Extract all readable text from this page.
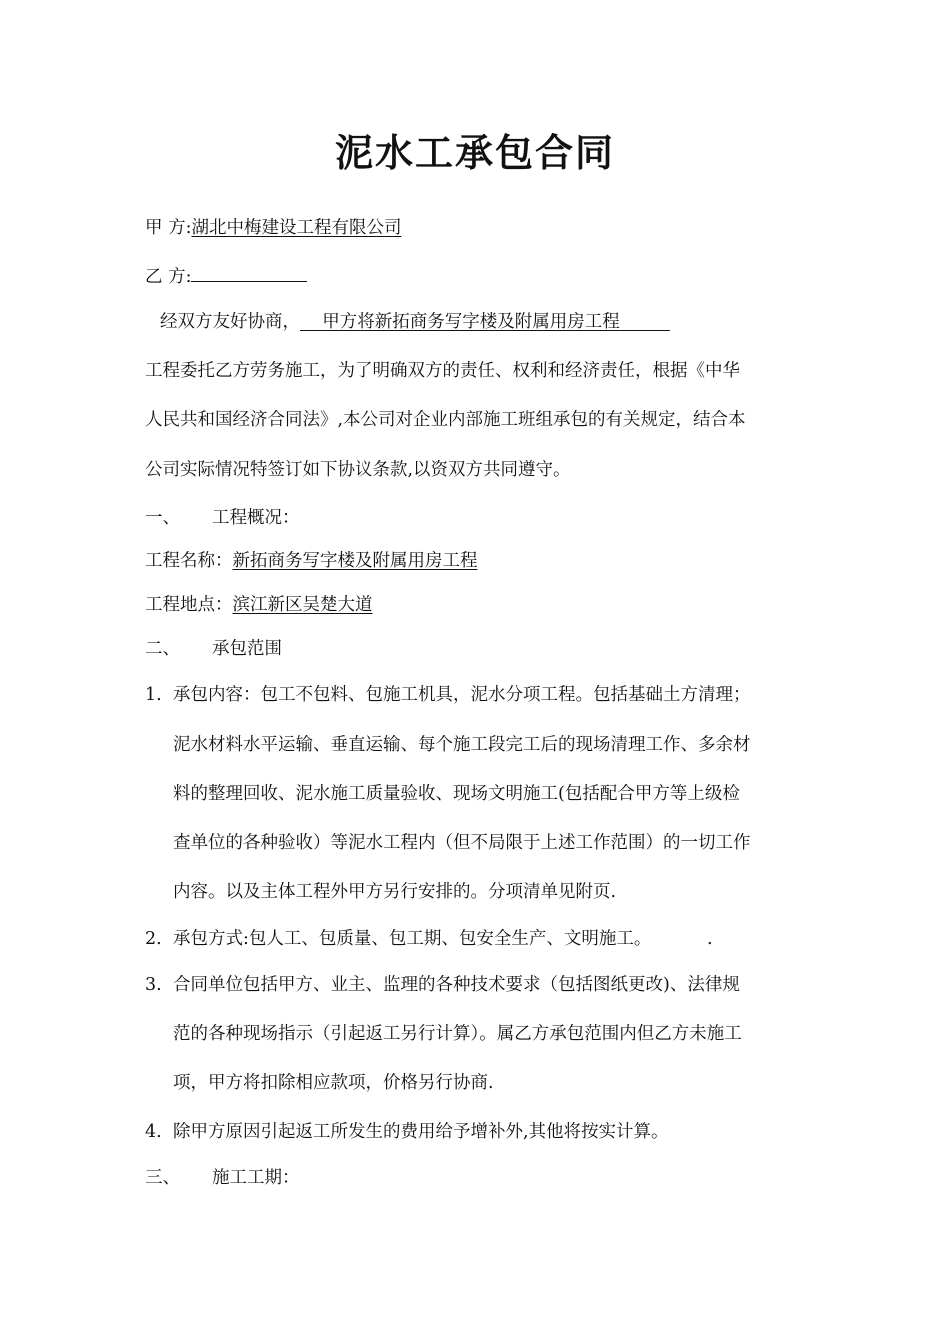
泥水工承包合同
甲 方:湖北中梅建设工程有限公司
乙 方:
经双方友好协商， 甲方将新拓商务写字楼及附属用房工程
工程委托乙方劳务施工，为了明确双方的责任、权利和经济责任，根据《中华
人民共和国经济合同法》,本公司对企业内部施工班组承包的有关规定，结合本
公司实际情况特签订如下协议条款,以资双方共同遵守。
一、 工程概况：
工程名称：新拓商务写字楼及附属用房工程
工程地点：滨江新区吴楚大道
二、 承包范围
1. 承包内容：包工不包料、包施工机具，泥水分项工程。包括基础土方清理；
泥水材料水平运输、垂直运输、每个施工段完工后的现场清理工作、多余材
料的整理回收、泥水施工质量验收、现场文明施工(包括配合甲方等上级检
查单位的各种验收）等泥水工程内（但不局限于上述工作范围）的一切工作
内容。以及主体工程外甲方另行安排的。分项清单见附页.
2. 承包方式:包人工、包质量、包工期、包安全生产、文明施工。          .
3. 合同单位包括甲方、业主、监理的各种技术要求（包括图纸更改)、法律规
范的各种现场指示（引起返工另行计算）。属乙方承包范围内但乙方未施工
项，甲方将扣除相应款项，价格另行协商.
4. 除甲方原因引起返工所发生的费用给予增补外,其他将按实计算。
三、 施工工期：
